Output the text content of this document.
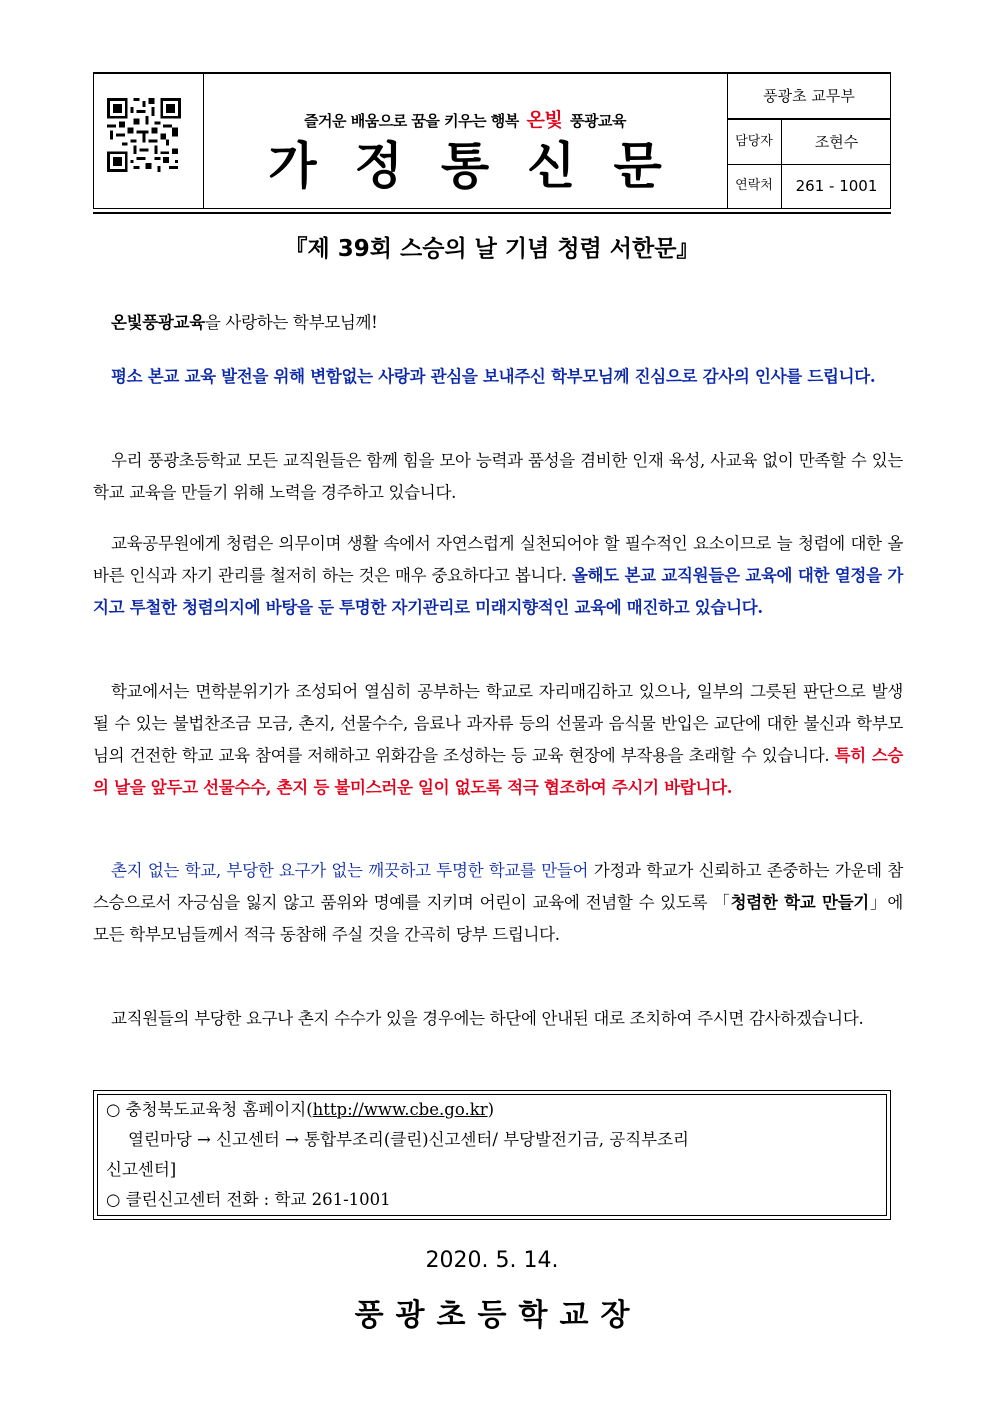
즐거운 배움으로 꿈을 키우는 행복 온빛 풍광교육
가정통신문
풍광초 교무부
담당자	조현수
연락처	261 - 1001
『제 39회 스승의 날 기념 청렴 서한문』

온빛풍광교육을 사랑하는 학부모님께!

평소 본교 교육 발전을 위해 변함없는 사랑과 관심을 보내주신 학부모님께 진심으로 감사의 인사를 드립니다.

우리 풍광초등학교 모든 교직원들은 함께 힘을 모아 능력과 품성을 겸비한 인재 육성, 사교육 없이 만족할 수 있는 학교 교육을 만들기 위해 노력을 경주하고 있습니다.

교육공무원에게 청렴은 의무이며 생활 속에서 자연스럽게 실천되어야 할 필수적인 요소이므로 늘 청렴에 대한 올바른 인식과 자기 관리를 철저히 하는 것은 매우 중요하다고 봅니다. 올해도 본교 교직원들은 교육에 대한 열정을 가지고 투철한 청렴의지에 바탕을 둔 투명한 자기관리로 미래지향적인 교육에 매진하고 있습니다.

학교에서는 면학분위기가 조성되어 열심히 공부하는 학교로 자리매김하고 있으나, 일부의 그릇된 판단으로 발생될 수 있는 불법찬조금 모금, 촌지, 선물수수, 음료나 과자류 등의 선물과 음식물 반입은 교단에 대한 불신과 학부모님의 건전한 학교 교육 참여를 저해하고 위화감을 조성하는 등 교육 현장에 부작용을 초래할 수 있습니다. 특히 스승의 날을 앞두고 선물수수, 촌지 등 불미스러운 일이 없도록 적극 협조하여 주시기 바랍니다.

촌지 없는 학교, 부당한 요구가 없는 깨끗하고 투명한 학교를 만들어 가정과 학교가 신뢰하고 존중하는 가운데 참 스승으로서 자긍심을 잃지 않고 품위와 명예를 지키며 어린이 교육에 전념할 수 있도록 「청렴한 학교 만들기」에 모든 학부모님들께서 적극 동참해 주실 것을 간곡히 당부 드립니다.

교직원들의 부당한 요구나 촌지 수수가 있을 경우에는 하단에 안내된 대로 조치하여 주시면 감사하겠습니다.

○ 충청북도교육청 홈페이지(http://www.cbe.go.kr)
열린마당 → 신고센터 → 통합부조리(클린)신고센터/ 부당발전기금, 공직부조리
신고센터]
○ 클린신고센터 전화 : 학교 261-1001
2020. 5. 14.
풍광초등학교장
